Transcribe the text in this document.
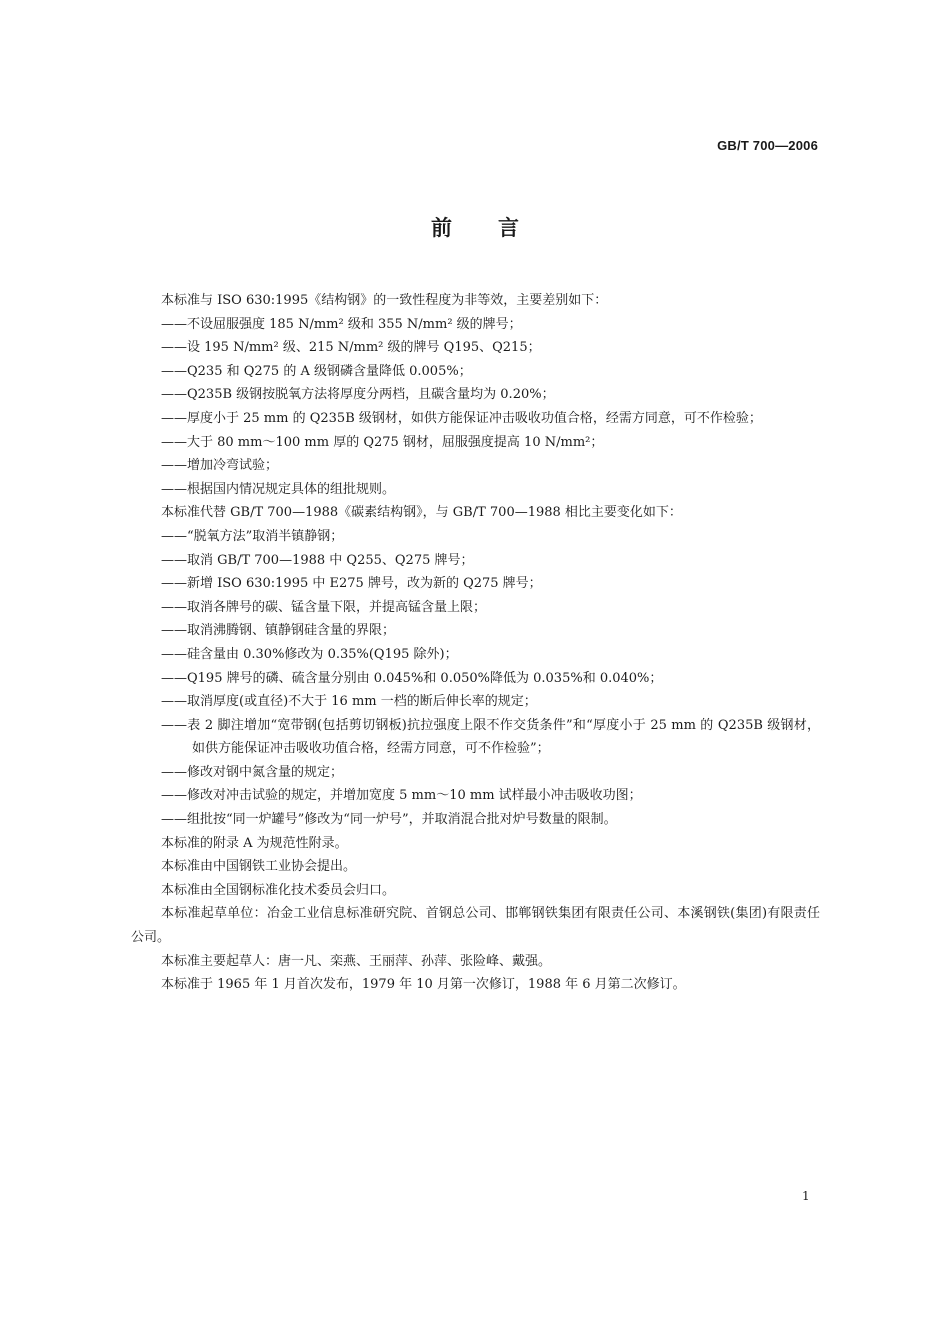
GB/T 700—2006
前言

本标准与 ISO 630:1995《结构钢》的一致性程度为非等效，主要差别如下：

——不设屈服强度 185 N/mm² 级和 355 N/mm² 级的牌号；

——设 195 N/mm² 级、215 N/mm² 级的牌号 Q195、Q215；

——Q235 和 Q275 的 A 级钢磷含量降低 0.005%；

——Q235B 级钢按脱氧方法将厚度分两档，且碳含量均为 0.20%；

——厚度小于 25 mm 的 Q235B 级钢材，如供方能保证冲击吸收功值合格，经需方同意，可不作检验；

——大于 80 mm～100 mm 厚的 Q275 钢材，屈服强度提高 10 N/mm²；

——增加冷弯试验；

——根据国内情况规定具体的组批规则。

本标准代替 GB/T 700—1988《碳素结构钢》，与 GB/T 700—1988 相比主要变化如下：

——“脱氧方法”取消半镇静钢；

——取消 GB/T 700—1988 中 Q255、Q275 牌号；

——新增 ISO 630:1995 中 E275 牌号，改为新的 Q275 牌号；

——取消各牌号的碳、锰含量下限，并提高锰含量上限；

——取消沸腾钢、镇静钢硅含量的界限；

——硅含量由 0.30%修改为 0.35%(Q195 除外)；

——Q195 牌号的磷、硫含量分别由 0.045%和 0.050%降低为 0.035%和 0.040%；

——取消厚度(或直径)不大于 16 mm 一档的断后伸长率的规定；

——表 2 脚注增加“宽带钢(包括剪切钢板)抗拉强度上限不作交货条件”和“厚度小于 25 mm 的 Q235B 级钢材，如供方能保证冲击吸收功值合格，经需方同意，可不作检验”；

——修改对钢中氮含量的规定；

——修改对冲击试验的规定，并增加宽度 5 mm～10 mm 试样最小冲击吸收功图；

——组批按“同一炉罐号”修改为“同一炉号”，并取消混合批对炉号数量的限制。

本标准的附录 A 为规范性附录。

本标准由中国钢铁工业协会提出。

本标准由全国钢标准化技术委员会归口。

本标准起草单位：冶金工业信息标准研究院、首钢总公司、邯郸钢铁集团有限责任公司、本溪钢铁(集团)有限责任公司。

本标准主要起草人：唐一凡、栾燕、王丽萍、孙萍、张险峰、戴强。

本标准于 1965 年 1 月首次发布，1979 年 10 月第一次修订，1988 年 6 月第二次修订。

1
